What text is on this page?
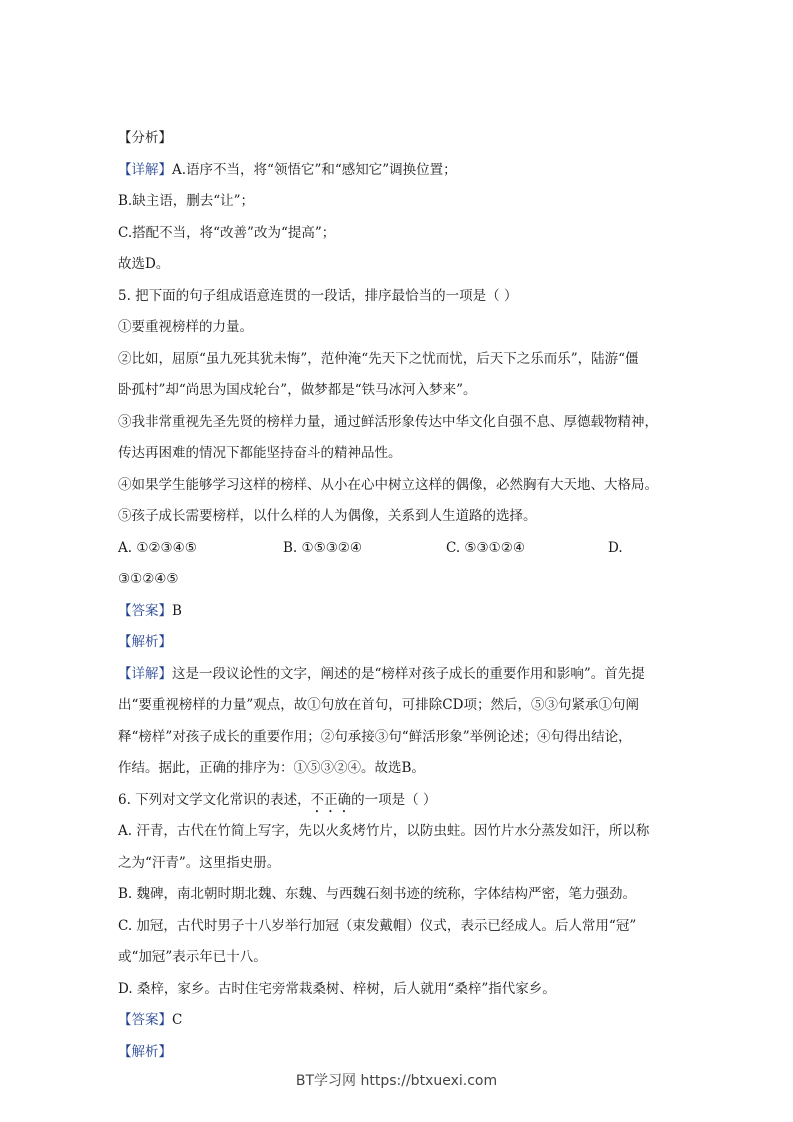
【分析】
【详解】A.语序不当，将“领悟它”和“感知它”调换位置；
B.缺主语，删去“让”；
C.搭配不当，将“改善”改为“提高”；
故选D。
5. 把下面的句子组成语意连贯的一段话，排序最恰当的一项是（ ）
①要重视榜样的力量。
②比如，屈原“虽九死其犹未悔”，范仲淹“先天下之忧而忧，后天下之乐而乐”，陆游“僵
卧孤村”却“尚思为国戍轮台”，做梦都是“铁马冰河入梦来”。
③我非常重视先圣先贤的榜样力量，通过鲜活形象传达中华文化自强不息、厚德载物精神，
传达再困难的情况下都能坚持奋斗的精神品性。
④如果学生能够学习这样的榜样、从小在心中树立这样的偶像，必然胸有大天地、大格局。
⑤孩子成长需要榜样，以什么样的人为偶像，关系到人生道路的选择。
A. ①②③④⑤	B. ①⑤③②④	C. ⑤③①②④	D.
③①②④⑤
【答案】B
【解析】
【详解】这是一段议论性的文字，阐述的是“榜样对孩子成长的重要作用和影响”。首先提
出“要重视榜样的力量”观点，故①句放在首句，可排除CD项；然后，⑤③句紧承①句阐
释“榜样”对孩子成长的重要作用；②句承接③句“鲜活形象”举例论述；④句得出结论，
作结。据此，正确的排序为：①⑤③②④。故选B。
6. 下列对文学文化常识的表述，不正确的一项是（ ）
A. 汗青，古代在竹简上写字，先以火炙烤竹片，以防虫蛀。因竹片水分蒸发如汗，所以称
之为“汗青”。这里指史册。
B. 魏碑，南北朝时期北魏、东魏、与西魏石刻书迹的统称，字体结构严密，笔力强劲。
C. 加冠，古代时男子十八岁举行加冠（束发戴帽）仪式，表示已经成人。后人常用“冠”
或“加冠”表示年已十八。
D. 桑梓，家乡。古时住宅旁常栽桑树、梓树，后人就用“桑梓”指代家乡。
【答案】C
【解析】
BT学习网 https://btxuexi.com
